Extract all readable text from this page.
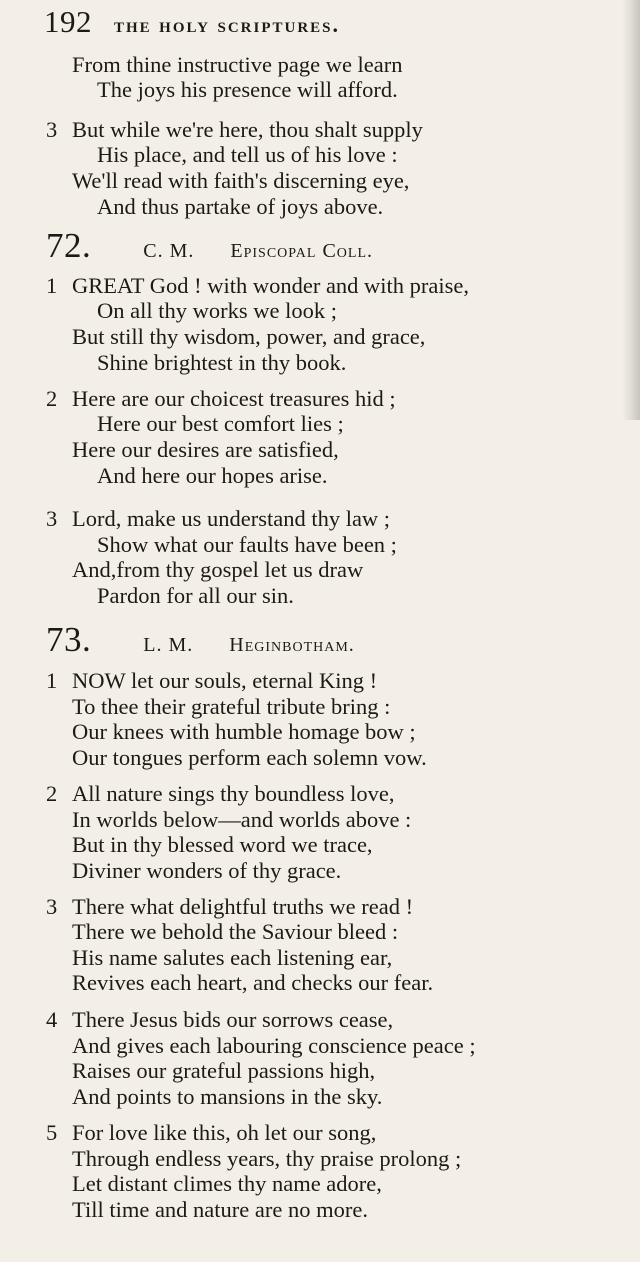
192 the holy scriptures.
From thine instructive page we learn
The joys his presence will afford.
3 But while we're here, thou shalt supply
His place, and tell us of his love :
We'll read with faith's discerning eye,
And thus partake of joys above.
72.	C. M. Episcopal Coll.
1 GREAT God ! with wonder and with praise,
On all thy works we look ;
But still thy wisdom, power, and grace,
Shine brightest in thy book.
2 Here are our choicest treasures hid ;
Here our best comfort lies ;
Here our desires are satisfied,
And here our hopes arise.
3 Lord, make us understand thy law ;
Show what our faults have been ;
And,from thy gospel let us draw
Pardon for all our sin.
73.	L. M. Heginbotham.
1 NOW let our souls, eternal King !
To thee their grateful tribute bring :
Our knees with humble homage bow ;
Our tongues perform each solemn vow.
2 All nature sings thy boundless love,
In worlds below—and worlds above :
But in thy blessed word we trace,
Diviner wonders of thy grace.
3 There what delightful truths we read !
There we behold the Saviour bleed :
His name salutes each listening ear,
Revives each heart, and checks our fear.
4 There Jesus bids our sorrows cease,
And gives each labouring conscience peace ;
Raises our grateful passions high,
And points to mansions in the sky.
5 For love like this, oh let our song,
Through endless years, thy praise prolong ;
Let distant climes thy name adore,
Till time and nature are no more.
